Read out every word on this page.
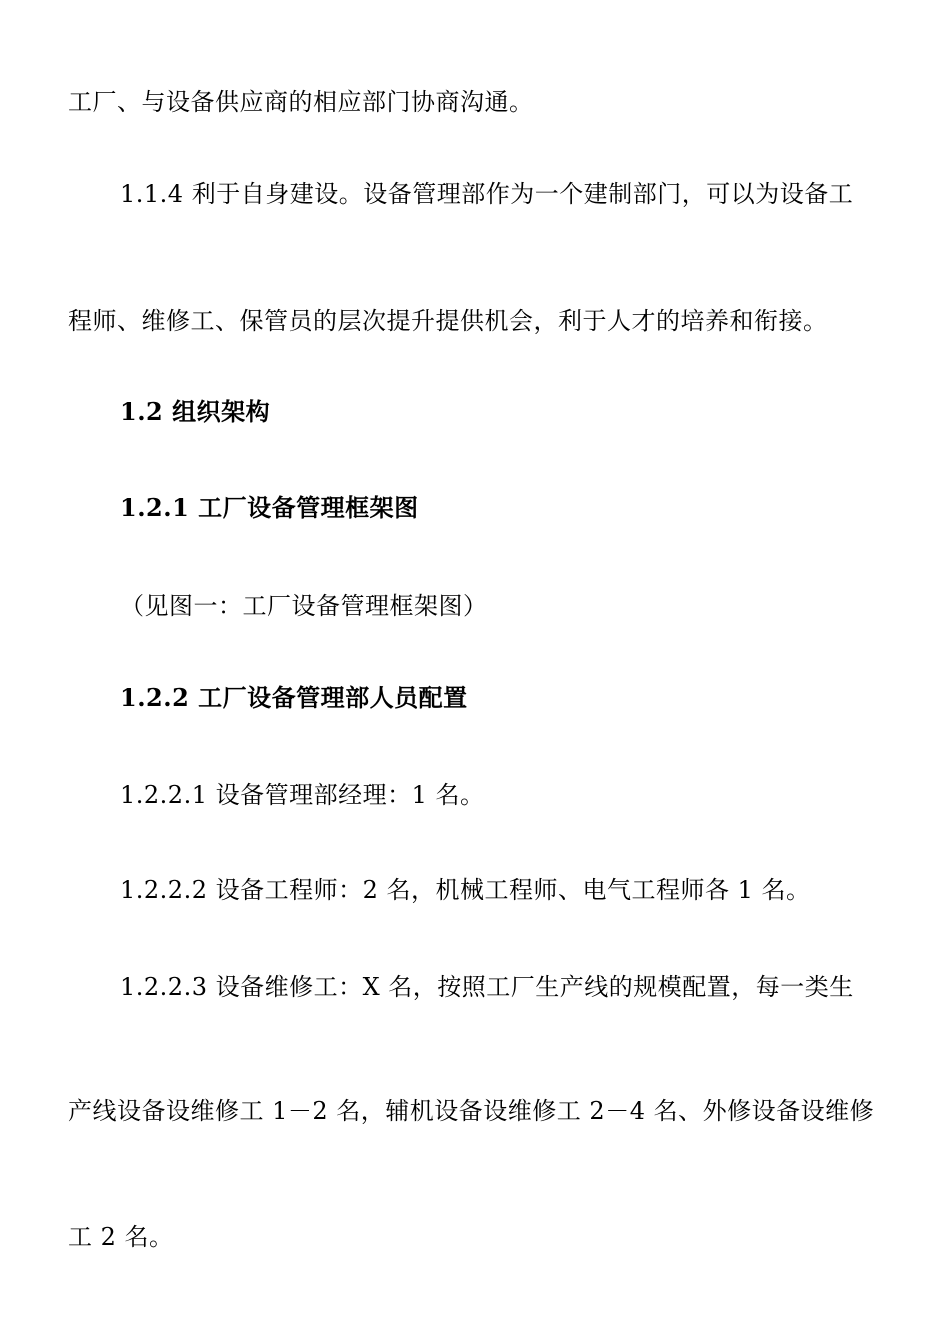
工厂、与设备供应商的相应部门协商沟通。
1.1.4 利于自身建设。设备管理部作为一个建制部门，可以为设备工
程师、维修工、保管员的层次提升提供机会，利于人才的培养和衔接。
1.2 组织架构
1.2.1 工厂设备管理框架图
（见图一：工厂设备管理框架图）
1.2.2 工厂设备管理部人员配置
1.2.2.1 设备管理部经理：1 名。
1.2.2.2 设备工程师：2 名，机械工程师、电气工程师各 1 名。
1.2.2.3 设备维修工：X 名，按照工厂生产线的规模配置，每一类生
产线设备设维修工 1－2 名，辅机设备设维修工 2－4 名、外修设备设维修
工 2 名。
